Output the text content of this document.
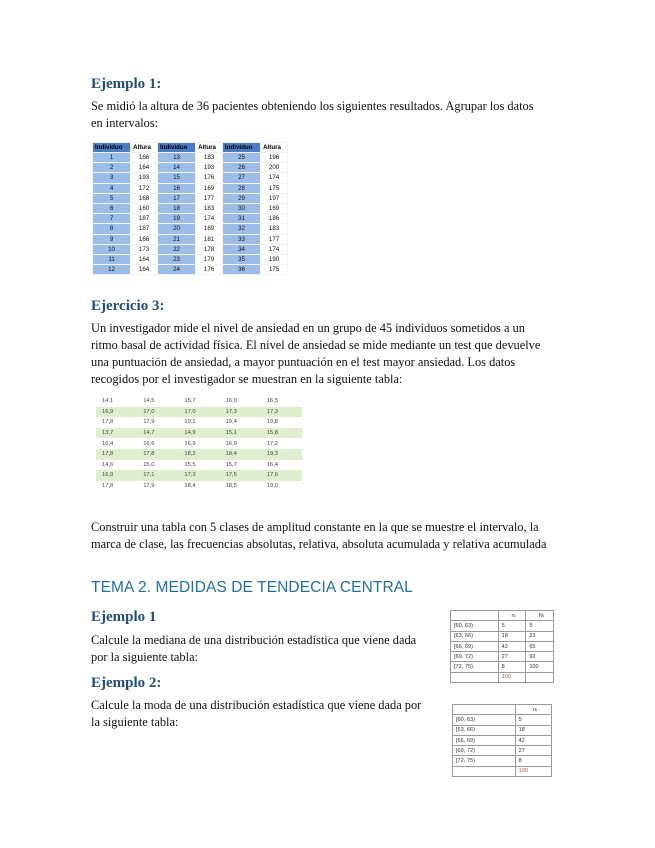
Ejemplo 1:

Se midió la altura de 36 pacientes obteniendo los siguientes resultados. Agrupar los datos

en intervalos:

Individuo	Altura	Individuo	Altura	Individuo	Altura
1	166	13	183	25	196
2	164	14	193	26	200
3	193	15	176	27	174
4	172	16	169	28	175
5	168	17	177	29	197
6	160	18	183	30	169
7	187	19	174	31	186
8	187	20	189	32	183
9	166	21	181	33	177
10	173	22	178	34	174
11	164	23	179	35	190
12	164	24	176	36	175
Ejercicio 3:

Un investigador mide el nivel de ansiedad en un grupo de 45 individuos sometidos a un

ritmo basal de actividad física. El nivel de ansiedad se mide mediante un test que devuelve

una puntuación de ansiedad, a mayor puntuación en el test mayor ansiedad. Los datos

recogidos por el investigador se muestran en la siguiente tabla:

14,1	14,5	15,7	16,0	16,5
16,9	17,0	17,0	17,3	17,3
17,8	17,9	19,1	19,4	19,8
13,7	14,7	14,9	15,1	15,8
16,4	16,6	16,9	16,9	17,2
17,8	17,8	18,2	18,4	19,3
14,6	15,0	15,5	15,7	16,4
16,9	17,1	17,3	17,5	17,6
17,8	17,9	18,4	18,5	19,0

Construir una tabla con 5 clases de amplitud constante en la que se muestre el intervalo, la

marca de clase, las frecuencias absolutas, relativa, absoluta acumulada y relativa acumulada

TEMA 2. MEDIDAS DE TENDECIA CENTRAL
Ejemplo 1

Calcule la mediana de una distribución estadística que viene dada

por la siguiente tabla:

	nᵢ	Nᵢ
[60, 63)	5	5
[63, 66)	18	23
[66, 69)	42	65
[69, 72)	27	92
[72, 75)	8	100
	100	
Ejemplo 2:

Calcule la moda de una distribución estadística que viene dada por

la siguiente tabla:

	nᵢ
[60, 63)	5
[63, 66)	18
[66, 69)	42
[69, 72)	27
[72, 75)	8
	100
